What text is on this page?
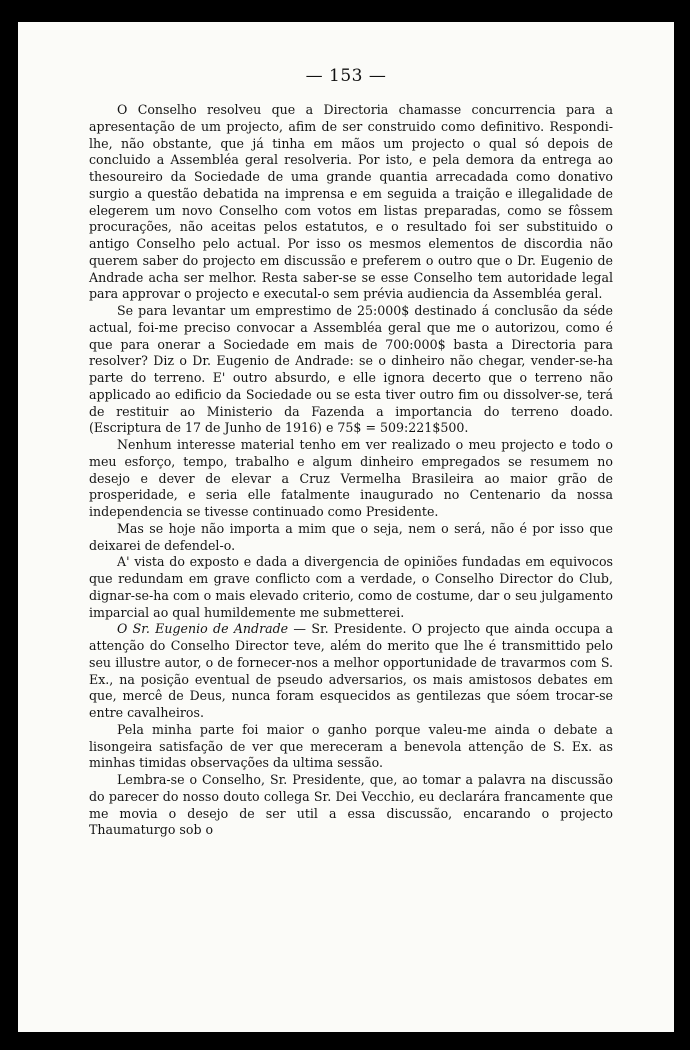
— 153 —

O Conselho resolveu que a Directoria chamasse concurrencia para a apresentação de um projecto, afim de ser construido como definitivo. Respondi-lhe, não obstante, que já tinha em mãos um projecto o qual só depois de concluido a Assembléa geral resolveria. Por isto, e pela demora da entrega ao thesoureiro da Sociedade de uma grande quantia arrecadada como donativo surgio a questão debatida na imprensa e em seguida a traição e illegalidade de elegerem um novo Conselho com votos em listas preparadas, como se fôssem procurações, não aceitas pelos estatutos, e o resultado foi ser substituido o antigo Conselho pelo actual. Por isso os mesmos elementos de discordia não querem saber do projecto em discussão e preferem o outro que o Dr. Eugenio de Andrade acha ser melhor. Resta saber-se se esse Conselho tem autoridade legal para approvar o projecto e executal-o sem prévia audiencia da Assembléa geral.

Se para levantar um emprestimo de 25:000$ destinado á conclusão da séde actual, foi-me preciso convocar a Assembléa geral que me o autorizou, como é que para onerar a Sociedade em mais de 700:000$ basta a Directoria para resolver? Diz o Dr. Eugenio de Andrade: se o dinheiro não chegar, vender-se-ha parte do terreno. E' outro absurdo, e elle ignora decerto que o terreno não applicado ao edificio da Sociedade ou se esta tiver outro fim ou dissolver-se, terá de restituir ao Ministerio da Fazenda a importancia do terreno doado. (Escriptura de 17 de Junho de 1916) e 75$ = 509:221$500.

Nenhum interesse material tenho em ver realizado o meu projecto e todo o meu esforço, tempo, trabalho e algum dinheiro empregados se resumem no desejo e dever de elevar a Cruz Vermelha Brasileira ao maior grão de prosperidade, e seria elle fatalmente inaugurado no Centenario da nossa independencia se tivesse continuado como Presidente.

Mas se hoje não importa a mim que o seja, nem o será, não é por isso que deixarei de defendel-o.

A' vista do exposto e dada a divergencia de opiniões fundadas em equivocos que redundam em grave conflicto com a verdade, o Conselho Director do Club, dignar-se-ha com o mais elevado criterio, como de costume, dar o seu julgamento imparcial ao qual humildemente me submetterei.

O Sr. Eugenio de Andrade — Sr. Presidente. O projecto que ainda occupa a attenção do Conselho Director teve, além do merito que lhe é transmittido pelo seu illustre autor, o de fornecer-nos a melhor opportunidade de travarmos com S. Ex., na posição eventual de pseudo adversarios, os mais amistosos debates em que, mercê de Deus, nunca foram esquecidos as gentilezas que sóem trocar-se entre cavalheiros.

Pela minha parte foi maior o ganho porque valeu-me ainda o debate a lisongeira satisfação de ver que mereceram a benevola attenção de S. Ex. as minhas timidas observações da ultima sessão.

Lembra-se o Conselho, Sr. Presidente, que, ao tomar a palavra na discussão do parecer do nosso douto collega Sr. Dei Vecchio, eu declarára francamente que me movia o desejo de ser util a essa discussão, encarando o projecto Thaumaturgo sob o
